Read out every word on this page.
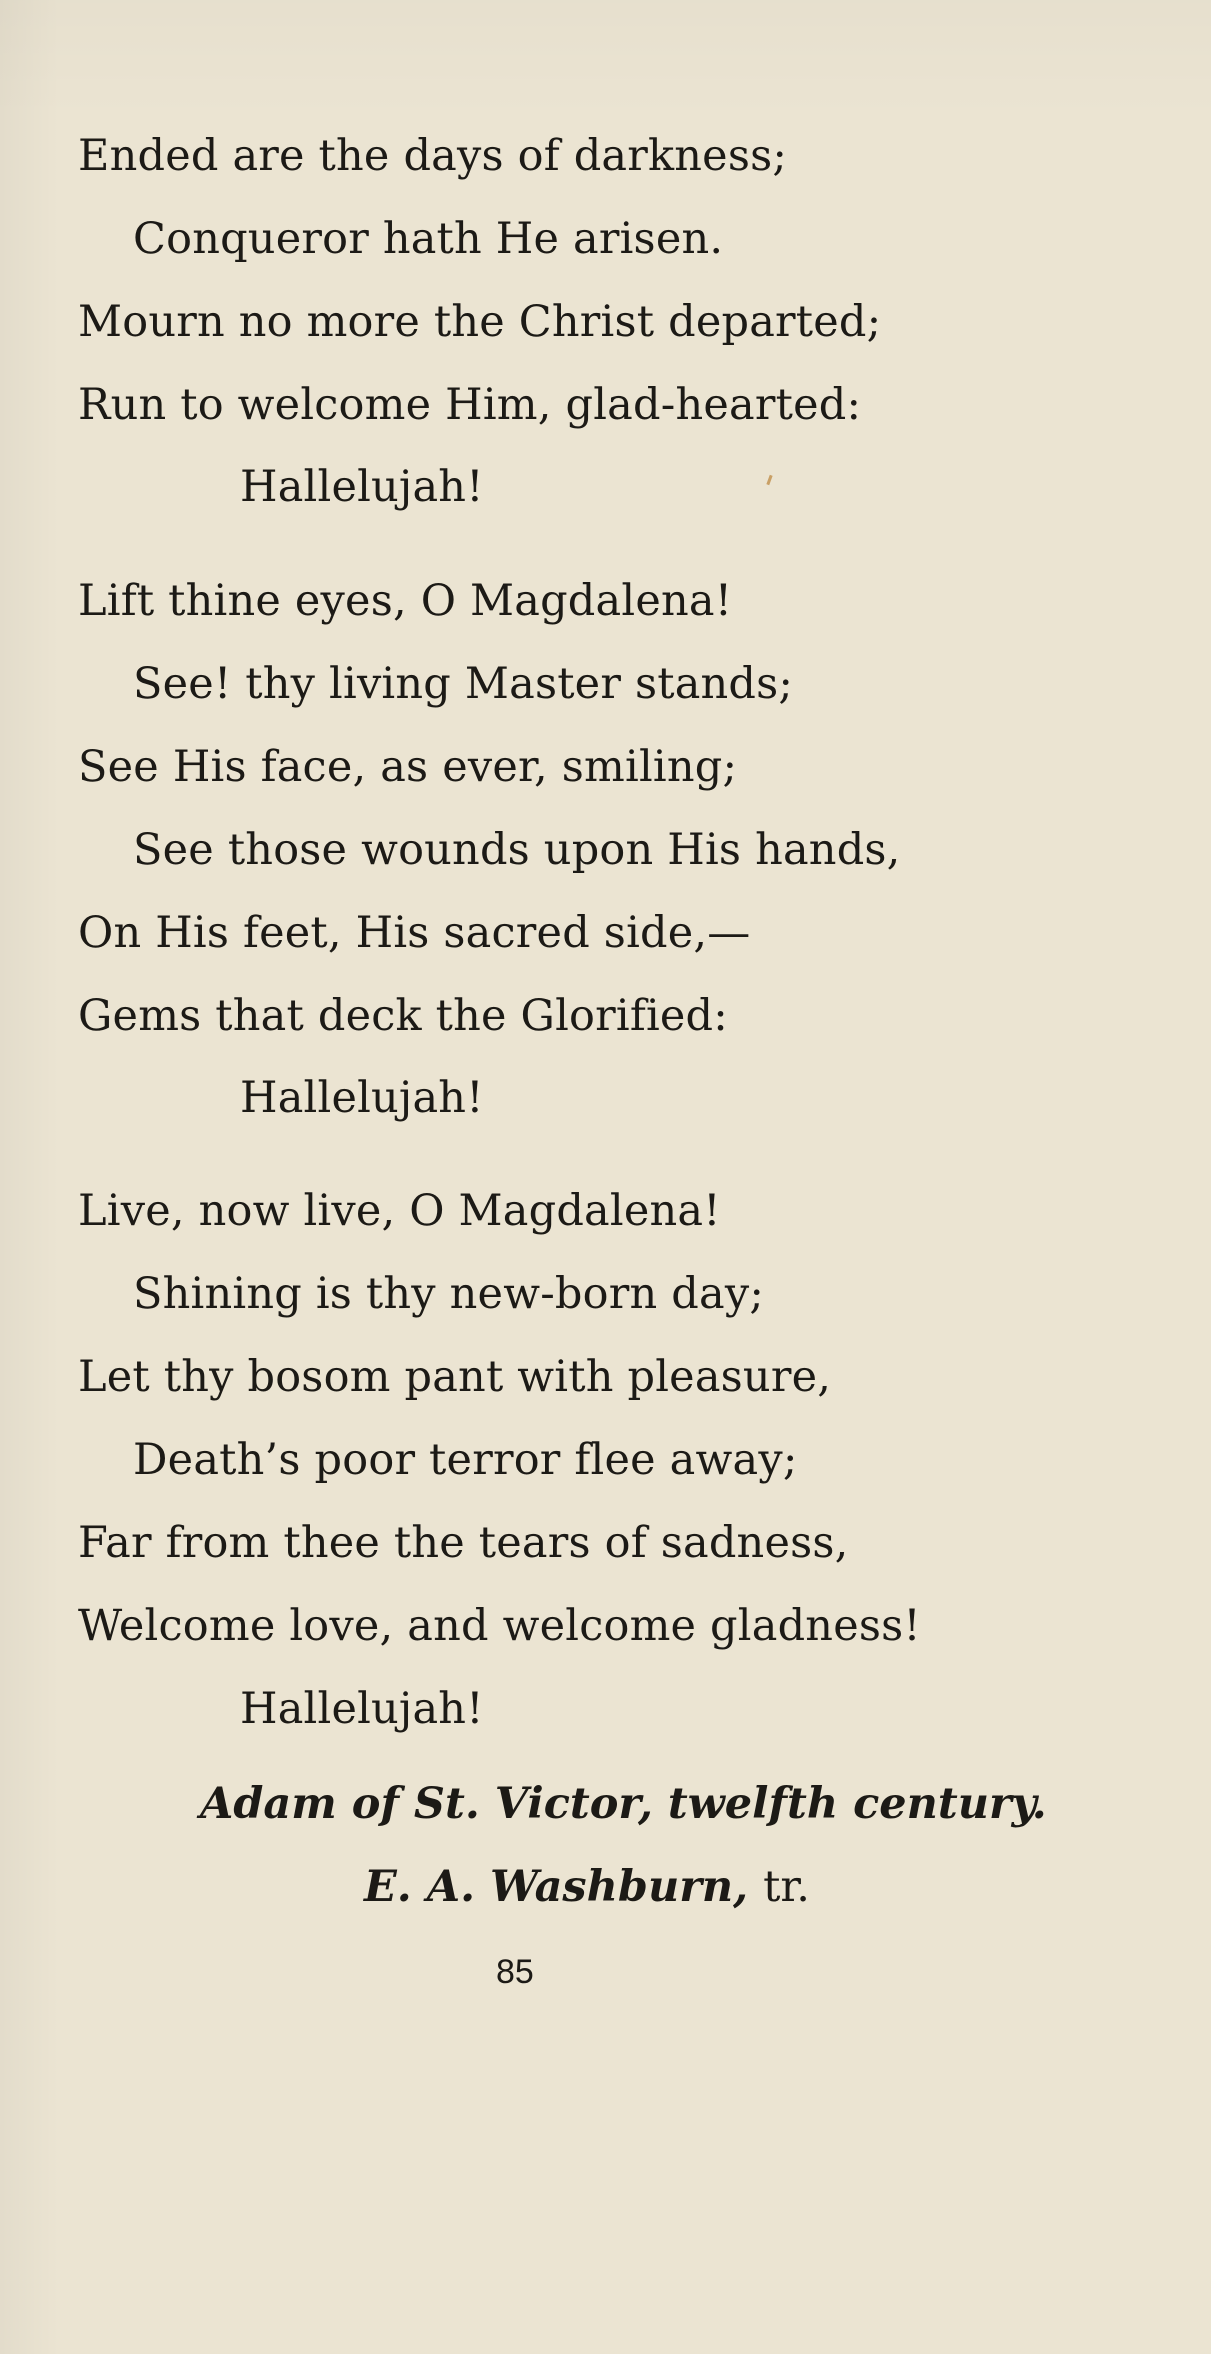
Ended are the days of darkness;
Conqueror hath He arisen.
Mourn no more the Christ departed;
Run to welcome Him, glad-hearted:
Hallelujah!
Lift thine eyes, O Magdalena!
See! thy living Master stands;
See His face, as ever, smiling;
See those wounds upon His hands,
On His feet, His sacred side,—
Gems that deck the Glorified:
Hallelujah!
Live, now live, O Magdalena!
Shining is thy new-born day;
Let thy bosom pant with pleasure,
Death’s poor terror flee away;
Far from thee the tears of sadness,
Welcome love, and welcome gladness!
Hallelujah!
Adam of St. Victor, twelfth century.
E. A. Washburn, tr.
85
